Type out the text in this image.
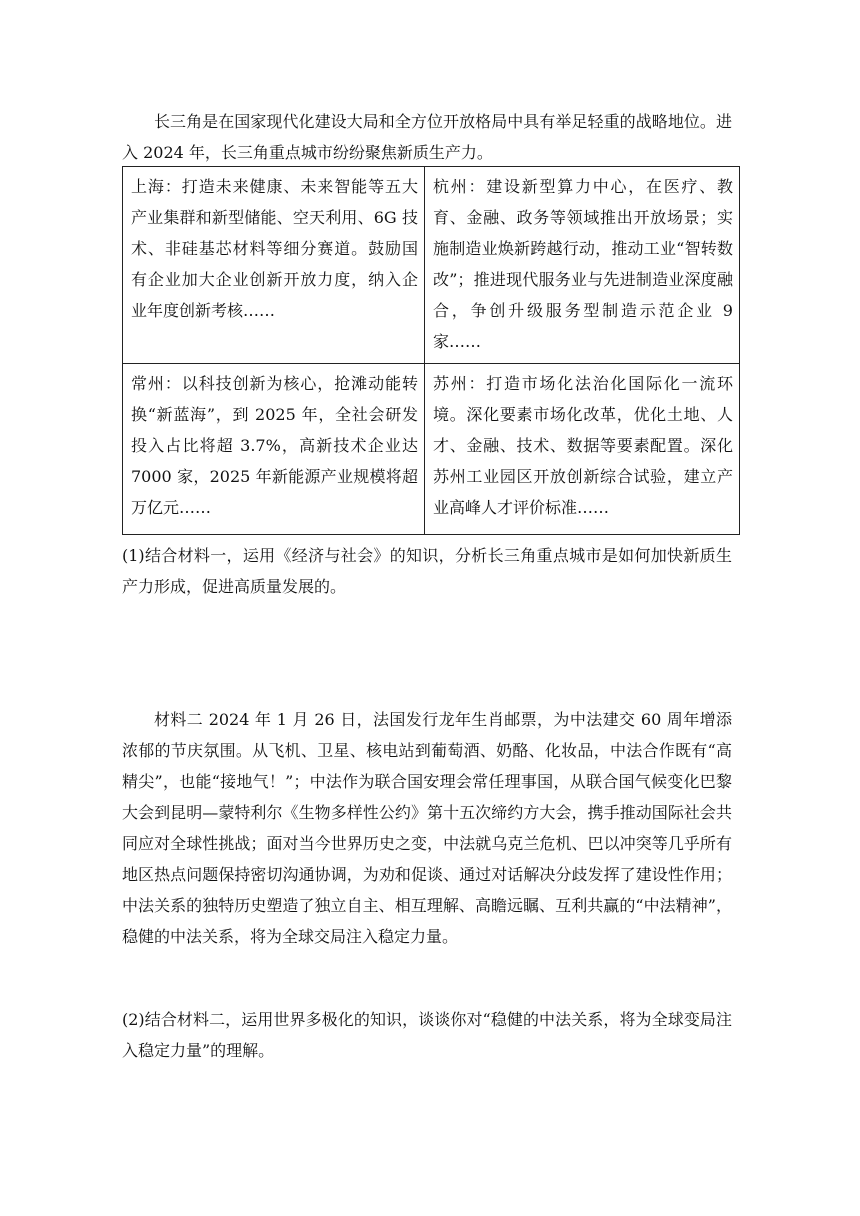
长三角是在国家现代化建设大局和全方位开放格局中具有举足轻重的战略地位。进入 2024 年，长三角重点城市纷纷聚焦新质生产力。

上海：打造未来健康、未来智能等五大产业集群和新型储能、空天利用、6G 技术、非硅基芯材料等细分赛道。鼓励国有企业加大企业创新开放力度，纳入企业年度创新考核……	杭州：建设新型算力中心，在医疗、教育、金融、政务等领域推出开放场景；实施制造业焕新跨越行动，推动工业“智转数改”；推进现代服务业与先进制造业深度融合，争创升级服务型制造示范企业 9 家……
常州：以科技创新为核心，抢滩动能转换“新蓝海”，到 2025 年，全社会研发投入占比将超 3.7%，高新技术企业达 7000 家，2025 年新能源产业规模将超万亿元……	苏州：打造市场化法治化国际化一流环境。深化要素市场化改革，优化土地、人才、金融、技术、数据等要素配置。深化苏州工业园区开放创新综合试验，建立产业高峰人才评价标准……

(1)结合材料一，运用《经济与社会》的知识，分析长三角重点城市是如何加快新质生产力形成，促进高质量发展的。

材料二 2024 年 1 月 26 日，法国发行龙年生肖邮票，为中法建交 60 周年增添浓郁的节庆氛围。从飞机、卫星、核电站到葡萄酒、奶酪、化妆品，中法合作既有“高精尖”，也能“接地气！”；中法作为联合国安理会常任理事国，从联合国气候变化巴黎大会到昆明—蒙特利尔《生物多样性公约》第十五次缔约方大会，携手推动国际社会共同应对全球性挑战；面对当今世界历史之变，中法就乌克兰危机、巴以冲突等几乎所有地区热点问题保持密切沟通协调，为劝和促谈、通过对话解决分歧发挥了建设性作用；中法关系的独特历史塑造了独立自主、相互理解、高瞻远瞩、互利共赢的“中法精神”，稳健的中法关系，将为全球交局注入稳定力量。

(2)结合材料二，运用世界多极化的知识，谈谈你对“稳健的中法关系，将为全球变局注入稳定力量”的理解。
